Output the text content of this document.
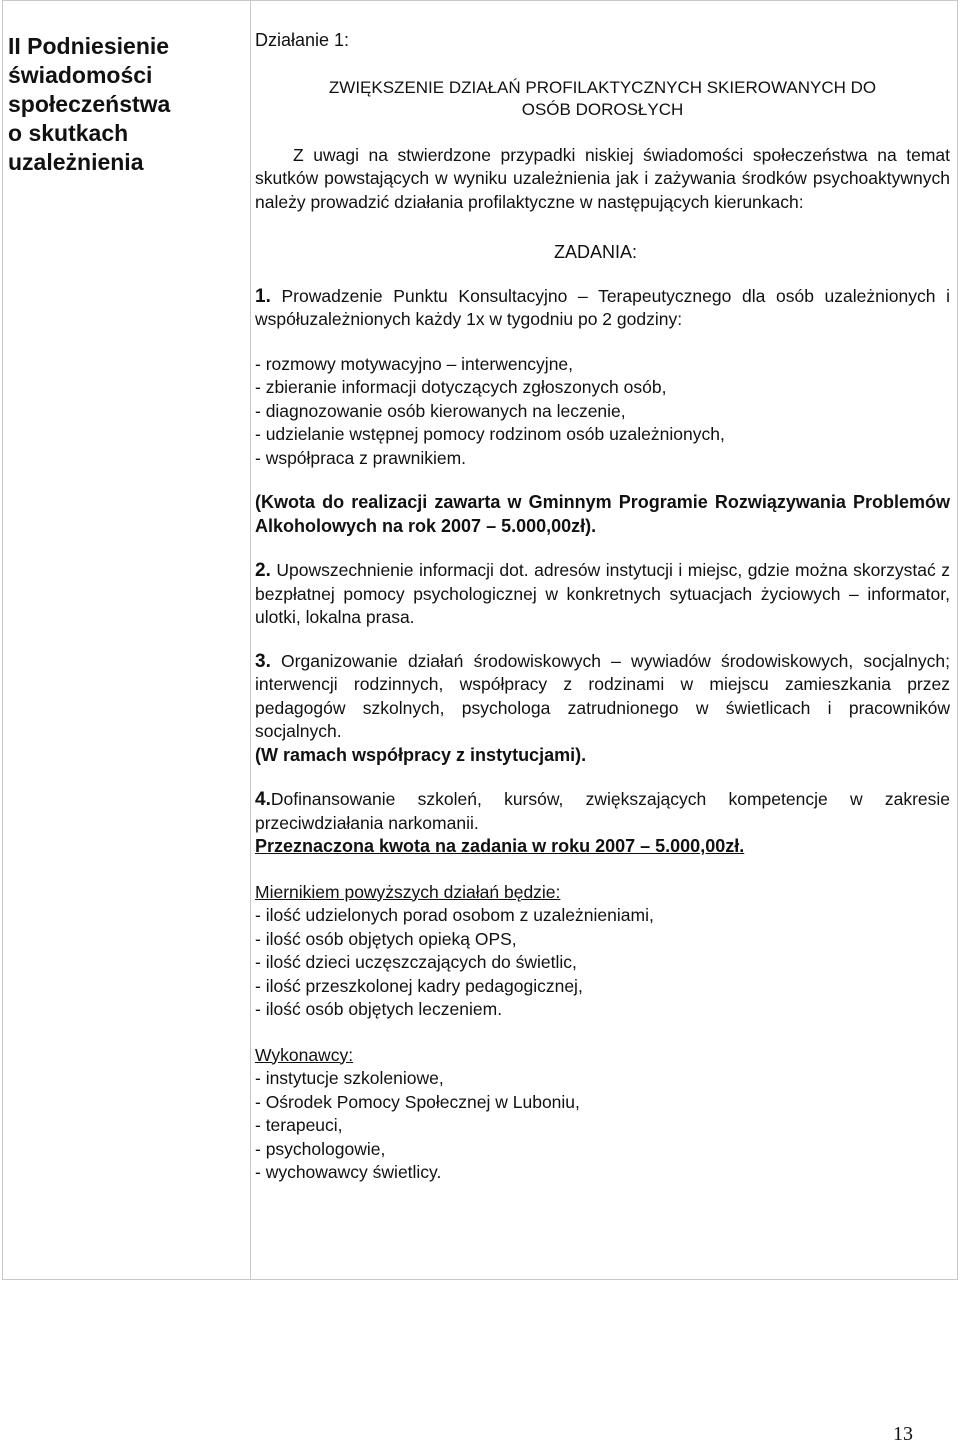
II Podniesienie
świadomości
społeczeństwa
o skutkach
uzależnienia

Działanie 1:

ZWIĘKSZENIE DZIAŁAŃ PROFILAKTYCZNYCH SKIEROWANYCH DO
OSÓB DOROSŁYCH

Z uwagi na stwierdzone przypadki niskiej świadomości społeczeństwa na temat skutków powstających w wyniku uzależnienia jak i zażywania środków psychoaktywnych należy prowadzić działania profilaktyczne w następujących kierunkach:

ZADANIA:

1. Prowadzenie Punktu Konsultacyjno – Terapeutycznego dla osób uzależnionych i współuzależnionych każdy 1x w tygodniu po 2 godziny:

- rozmowy motywacyjno – interwencyjne,
- zbieranie informacji dotyczących zgłoszonych osób,
- diagnozowanie osób kierowanych na leczenie,
- udzielanie wstępnej pomocy rodzinom osób uzależnionych,
- współpraca z prawnikiem.

(Kwota do realizacji zawarta w Gminnym Programie Rozwiązywania Problemów Alkoholowych na rok 2007 – 5.000,00zł).

2. Upowszechnienie informacji dot. adresów instytucji i miejsc, gdzie można skorzystać z bezpłatnej pomocy psychologicznej w konkretnych sytuacjach życiowych – informator, ulotki, lokalna prasa.

3. Organizowanie działań środowiskowych – wywiadów środowiskowych, socjalnych; interwencji rodzinnych, współpracy z rodzinami w miejscu zamieszkania przez pedagogów szkolnych, psychologa zatrudnionego w świetlicach i pracowników socjalnych.

(W ramach współpracy z instytucjami).

4.Dofinansowanie szkoleń, kursów, zwiększających kompetencje w zakresie przeciwdziałania narkomanii.

Przeznaczona kwota na zadania w roku 2007 – 5.000,00zł.

Miernikiem powyższych działań będzie:
- ilość udzielonych porad osobom z uzależnieniami,
- ilość osób objętych opieką OPS,
- ilość dzieci uczęszczających do świetlic,
- ilość przeszkolonej kadry pedagogicznej,
- ilość osób objętych leczeniem.
Wykonawcy:
- instytucje szkoleniowe,
- Ośrodek Pomocy Społecznej w Luboniu,
- terapeuci,
- psychologowie,
- wychowawcy świetlicy.
13
